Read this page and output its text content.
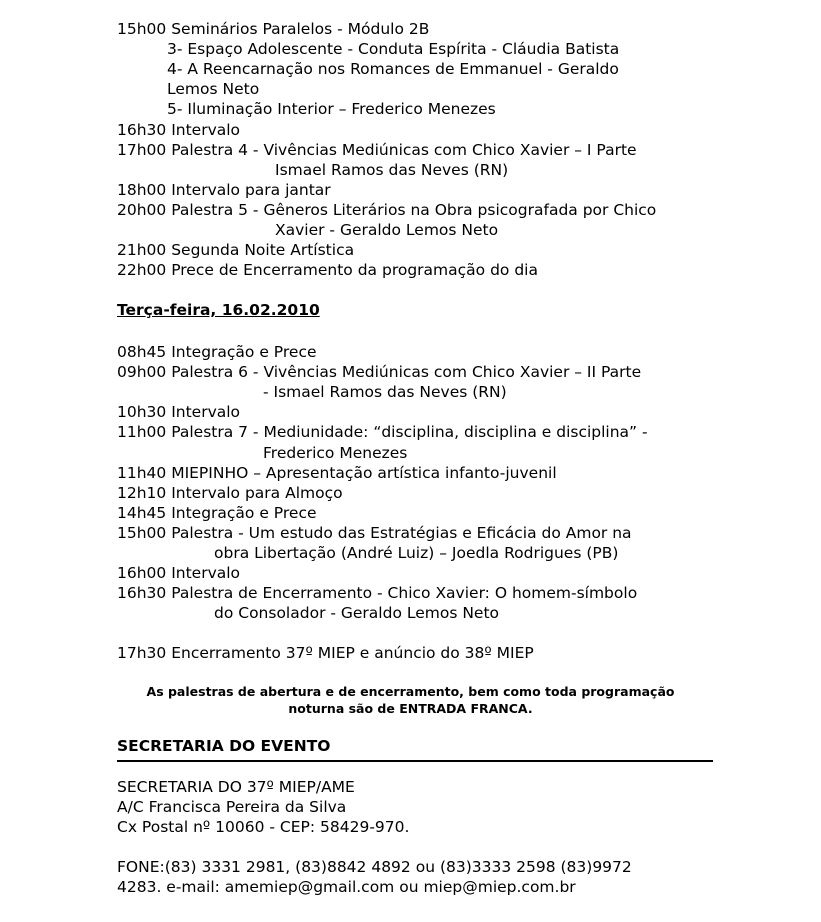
15h00 Seminários Paralelos - Módulo 2B
3- Espaço Adolescente - Conduta Espírita - Cláudia Batista
4- A Reencarnação nos Romances de Emmanuel - Geraldo
Lemos Neto
5- Iluminação Interior – Frederico Menezes
16h30 Intervalo
17h00 Palestra 4 - Vivências Mediúnicas com Chico Xavier – I Parte
Ismael Ramos das Neves (RN)
18h00 Intervalo para jantar
20h00 Palestra 5 - Gêneros Literários na Obra psicografada por Chico
Xavier - Geraldo Lemos Neto
21h00 Segunda Noite Artística
22h00 Prece de Encerramento da programação do dia
Terça-feira, 16.02.2010
08h45 Integração e Prece
09h00 Palestra 6 - Vivências Mediúnicas com Chico Xavier – II Parte
- Ismael Ramos das Neves (RN)
10h30 Intervalo
11h00 Palestra 7 - Mediunidade: “disciplina, disciplina e disciplina” -
Frederico Menezes
11h40 MIEPINHO – Apresentação artística infanto-juvenil
12h10 Intervalo para Almoço
14h45 Integração e Prece
15h00 Palestra - Um estudo das Estratégias e Eficácia do Amor na
obra Libertação (André Luiz) – Joedla Rodrigues (PB)
16h00 Intervalo
16h30 Palestra de Encerramento - Chico Xavier: O homem-símbolo
do Consolador - Geraldo Lemos Neto
17h30 Encerramento 37º MIEP e anúncio do 38º MIEP
As palestras de abertura e de encerramento, bem como toda programação
noturna são de ENTRADA FRANCA.
SECRETARIA DO EVENTO
SECRETARIA DO 37º MIEP/AME
A/C Francisca Pereira da Silva
Cx Postal nº 10060 - CEP: 58429-970.
FONE:(83) 3331 2981, (83)8842 4892 ou (83)3333 2598 (83)9972
4283. e-mail: amemiep@gmail.com ou miep@miep.com.br
